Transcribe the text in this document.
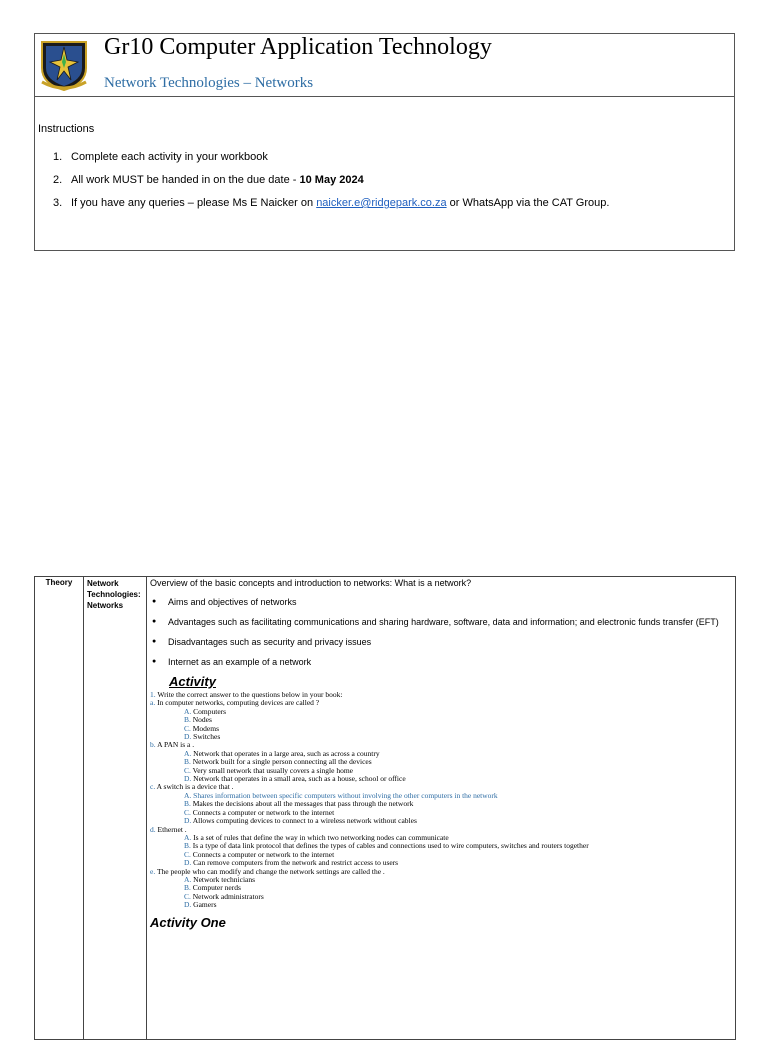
Gr10 Computer Application Technology
Network Technologies – Networks
Instructions
1. Complete each activity in your workbook
2. All work MUST be handed in on the due date - 10 May 2024
3. If you have any queries – please Ms E Naicker on naicker.e@ridgepark.co.za or WhatsApp via the CAT Group.
Theory	Network Technologies: Networks	
Overview of the basic concepts and introduction to networks: What is a network?
● Aims and objectives of networks
● Advantages such as facilitating communications and sharing hardware, software, data and information; and electronic funds transfer (EFT)
● Disadvantages such as security and privacy issues
● Internet as an example of a network
Activity
1. Write the correct answer to the questions below in your book:
a. In computer networks, computing devices are called ?
A. Computers
B. Nodes
C. Modems
D. Switches
b. A PAN is a .
A. Network that operates in a large area, such as across a country
B. Network built for a single person connecting all the devices
C. Very small network that usually covers a single home
D. Network that operates in a small area, such as a house, school or office
c. A switch is a device that .
A. Shares information between specific computers without involving the other computers in the network
B. Makes the decisions about all the messages that pass through the network
C. Connects a computer or network to the internet
D. Allows computing devices to connect to a wireless network without cables
d. Ethernet .
A. Is a set of rules that define the way in which two networking nodes can communicate
B. Is a type of data link protocol that defines the types of cables and connections used to wire computers, switches and routers together
C. Connects a computer or network to the internet
D. Can remove computers from the network and restrict access to users
e. The people who can modify and change the network settings are called the .
A. Network technicians
B. Computer nerds
C. Network administrators
D. Gamers
Activity One
